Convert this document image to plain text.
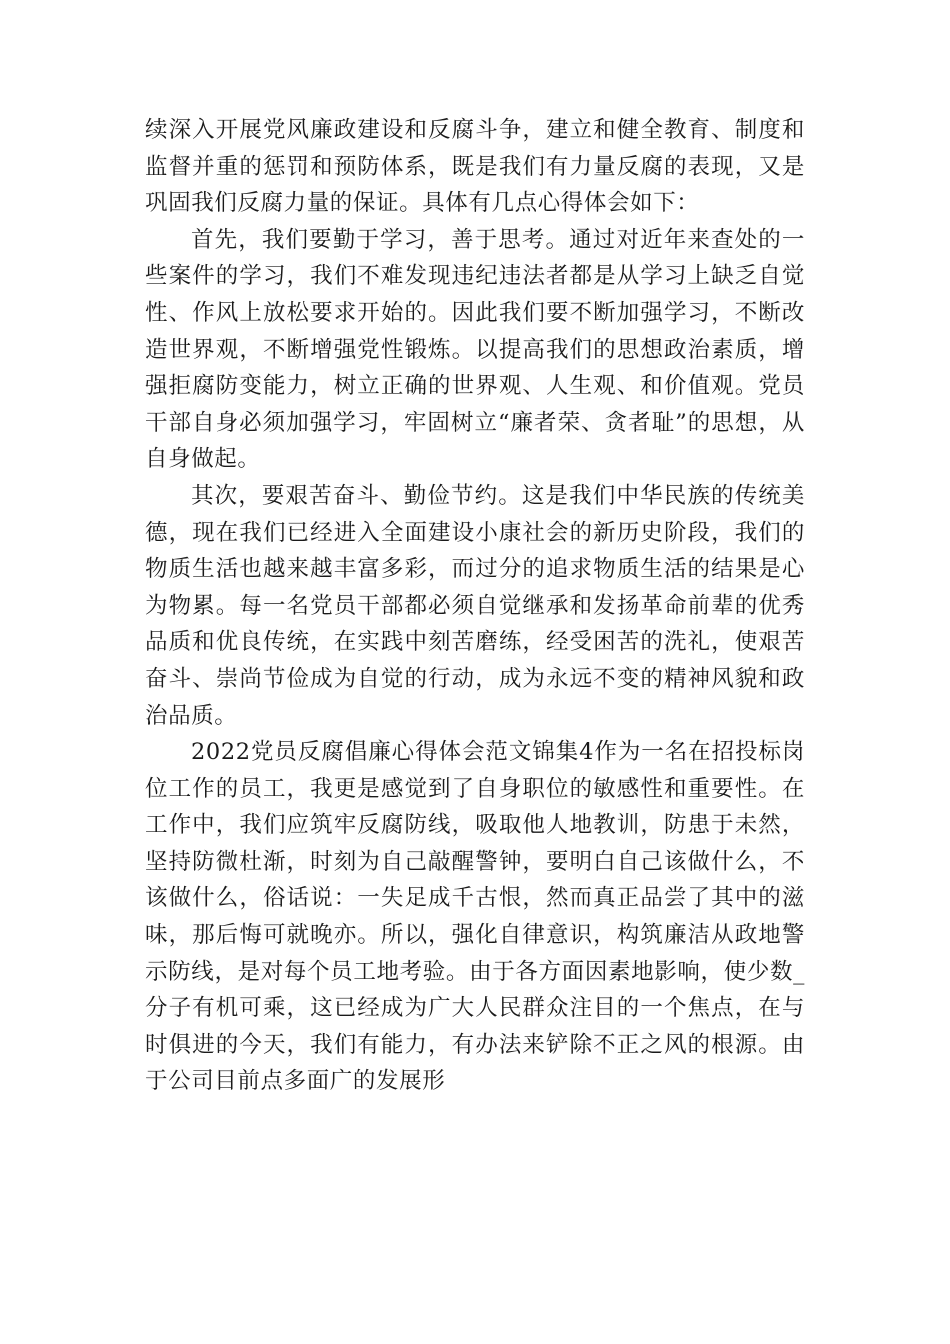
续深入开展党风廉政建设和反腐斗争，建立和健全教育、制度和监督并重的惩罚和预防体系，既是我们有力量反腐的表现，又是巩固我们反腐力量的保证。具体有几点心得体会如下：

首先，我们要勤于学习，善于思考。通过对近年来查处的一些案件的学习，我们不难发现违纪违法者都是从学习上缺乏自觉性、作风上放松要求开始的。因此我们要不断加强学习，不断改造世界观，不断增强党性锻炼。以提高我们的思想政治素质，增强拒腐防变能力，树立正确的世界观、人生观、和价值观。党员干部自身必须加强学习，牢固树立“廉者荣、贪者耻”的思想，从自身做起。

其次，要艰苦奋斗、勤俭节约。这是我们中华民族的传统美德，现在我们已经进入全面建设小康社会的新历史阶段，我们的物质生活也越来越丰富多彩，而过分的追求物质生活的结果是心为物累。每一名党员干部都必须自觉继承和发扬革命前辈的优秀品质和优良传统，在实践中刻苦磨练，经受困苦的洗礼，使艰苦奋斗、崇尚节俭成为自觉的行动，成为永远不变的精神风貌和政治品质。

2022党员反腐倡廉心得体会范文锦集4作为一名在招投标岗位工作的员工，我更是感觉到了自身职位的敏感性和重要性。在工作中，我们应筑牢反腐防线，吸取他人地教训，防患于未然，坚持防微杜渐，时刻为自己敲醒警钟，要明白自己该做什么，不该做什么，俗话说：一失足成千古恨，然而真正品尝了其中的滋味，那后悔可就晚亦。所以，强化自律意识，构筑廉洁从政地警示防线，是对每个员工地考验。由于各方面因素地影响，使少数_分子有机可乘，这已经成为广大人民群众注目的一个焦点，在与时俱进的今天，我们有能力，有办法来铲除不正之风的根源。由于公司目前点多面广的发展形
